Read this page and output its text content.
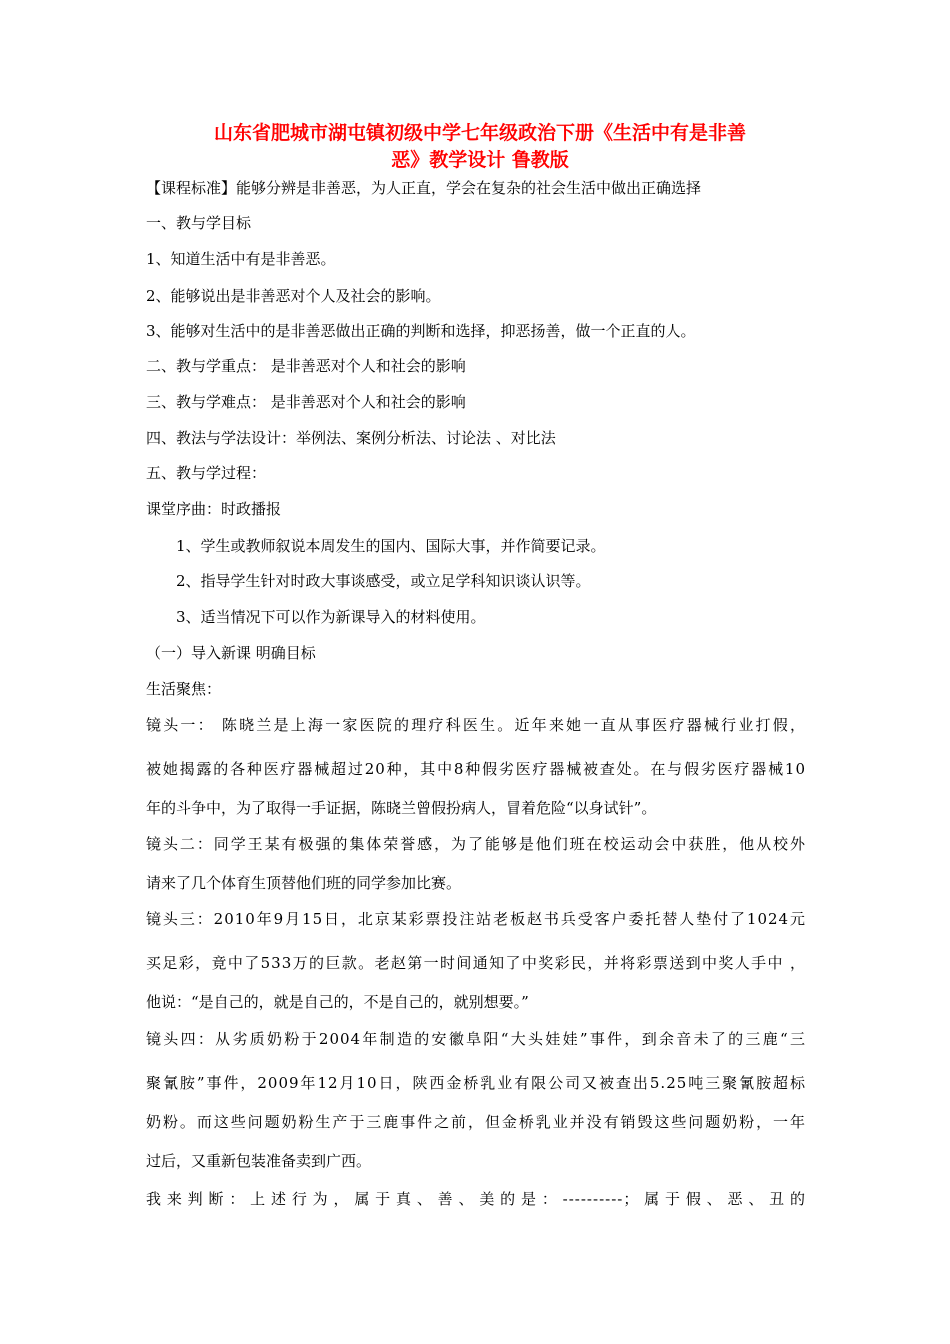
山东省肥城市湖屯镇初级中学七年级政治下册《生活中有是非善
恶》教学设计 鲁教版
【课程标准】能够分辨是非善恶，为人正直，学会在复杂的社会生活中做出正确选择
一、教与学目标
1、知道生活中有是非善恶。
2、能够说出是非善恶对个人及社会的影响。
3、能够对生活中的是非善恶做出正确的判断和选择，抑恶扬善，做一个正直的人。
二、教与学重点： 是非善恶对个人和社会的影响
三、教与学难点： 是非善恶对个人和社会的影响
四、教法与学法设计：举例法、案例分析法、讨论法 、对比法
五、教与学过程：
课堂序曲：时政播报
1、学生或教师叙说本周发生的国内、国际大事，并作简要记录。
2、指导学生针对时政大事谈感受，或立足学科知识谈认识等。
3、适当情况下可以作为新课导入的材料使用。
（一）导入新课 明确目标
生活聚焦：
镜头一： 陈晓兰是上海一家医院的理疗科医生。近年来她一直从事医疗器械行业打假，
被她揭露的各种医疗器械超过20种，其中8种假劣医疗器械被查处。在与假劣医疗器械10
年的斗争中，为了取得一手证据，陈晓兰曾假扮病人，冒着危险“以身试针”。
镜头二：同学王某有极强的集体荣誉感，为了能够是他们班在校运动会中获胜，他从校外
请来了几个体育生顶替他们班的同学参加比赛。
镜头三：2010年9月15日，北京某彩票投注站老板赵书兵受客户委托替人垫付了1024元
买足彩，竟中了533万的巨款。老赵第一时间通知了中奖彩民，并将彩票送到中奖人手中 ，
他说：“是自己的，就是自己的，不是自己的，就别想要。”
镜头四：从劣质奶粉于2004年制造的安徽阜阳“大头娃娃”事件，到余音未了的三鹿“三
聚氰胺”事件，2009年12月10日，陕西金桥乳业有限公司又被查出5.25吨三聚氰胺超标
奶粉。而这些问题奶粉生产于三鹿事件之前，但金桥乳业并没有销毁这些问题奶粉，一年
过后，又重新包装准备卖到广西。
我来判断：上述行为，属于真、善、美的是：----------；属于假、恶、丑的
